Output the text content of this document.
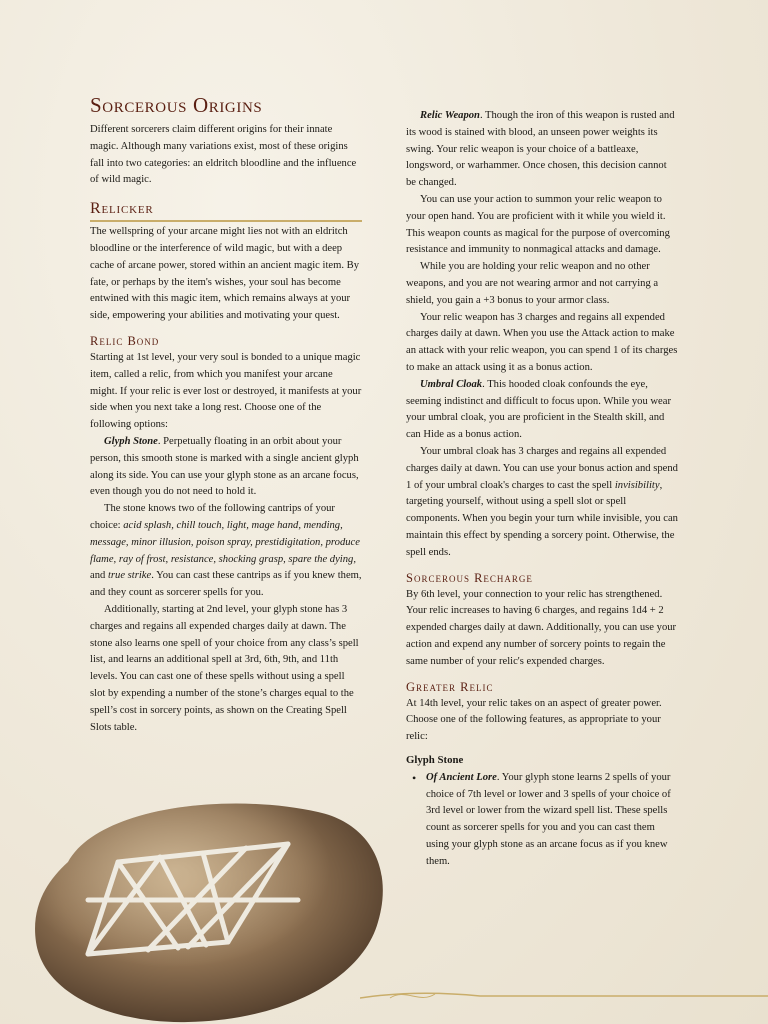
Sorcerous Origins

Different sorcerers claim different origins for their innate magic. Although many variations exist, most of these origins fall into two categories: an eldritch bloodline and the influence of wild magic.

Relicker

The wellspring of your arcane might lies not with an eldritch bloodline or the interference of wild magic, but with a deep cache of arcane power, stored within an ancient magic item. By fate, or perhaps by the item's wishes, your soul has become entwined with this magic item, which remains always at your side, empowering your abilities and motivating your quest.

Relic Bond

Starting at 1st level, your very soul is bonded to a unique magic item, called a relic, from which you manifest your arcane might. If your relic is ever lost or destroyed, it manifests at your side when you next take a long rest. Choose one of the following options:

Glyph Stone. Perpetually floating in an orbit about your person, this smooth stone is marked with a single ancient glyph along its side. You can use your glyph stone as an arcane focus, even though you do not need to hold it.

The stone knows two of the following cantrips of your choice: acid splash, chill touch, light, mage hand, mending, message, minor illusion, poison spray, prestidigitation, produce flame, ray of frost, resistance, shocking grasp, spare the dying, and true strike. You can cast these cantrips as if you knew them, and they count as sorcerer spells for you.

Additionally, starting at 2nd level, your glyph stone has 3 charges and regains all expended charges daily at dawn. The stone also learns one spell of your choice from any class’s spell list, and learns an additional spell at 3rd, 6th, 9th, and 11th levels. You can cast one of these spells without using a spell slot by expending a number of the stone’s charges equal to the spell’s cost in sorcery points, as shown on the Creating Spell Slots table.

Relic Weapon. Though the iron of this weapon is rusted and its wood is stained with blood, an unseen power weights its swing. Your relic weapon is your choice of a battleaxe, longsword, or warhammer. Once chosen, this decision cannot be changed.

You can use your action to summon your relic weapon to your open hand. You are proficient with it while you wield it. This weapon counts as magical for the purpose of overcoming resistance and immunity to nonmagical attacks and damage.

While you are holding your relic weapon and no other weapons, and you are not wearing armor and not carrying a shield, you gain a +3 bonus to your armor class.

Your relic weapon has 3 charges and regains all expended charges daily at dawn. When you use the Attack action to make an attack with your relic weapon, you can spend 1 of its charges to make an attack using it as a bonus action.

Umbral Cloak. This hooded cloak confounds the eye, seeming indistinct and difficult to focus upon. While you wear your umbral cloak, you are proficient in the Stealth skill, and can Hide as a bonus action.

Your umbral cloak has 3 charges and regains all expended charges daily at dawn. You can use your bonus action and spend 1 of your umbral cloak's charges to cast the spell invisibility, targeting yourself, without using a spell slot or spell components. When you begin your turn while invisible, you can maintain this effect by spending a sorcery point. Otherwise, the spell ends.

Sorcerous Recharge

By 6th level, your connection to your relic has strengthened. Your relic increases to having 6 charges, and regains 1d4 + 2 expended charges daily at dawn. Additionally, you can use your action and expend any number of sorcery points to regain the same number of your relic's expended charges.

Greater Relic

At 14th level, your relic takes on an aspect of greater power. Choose one of the following features, as appropriate to your relic:

Glyph Stone
• Of Ancient Lore. Your glyph stone learns 2 spells of your choice of 7th level or lower and 3 spells of your choice of 3rd level or lower from the wizard spell list. These spells count as sorcerer spells for you and you can cast them using your glyph stone as an arcane focus as if you knew them.
